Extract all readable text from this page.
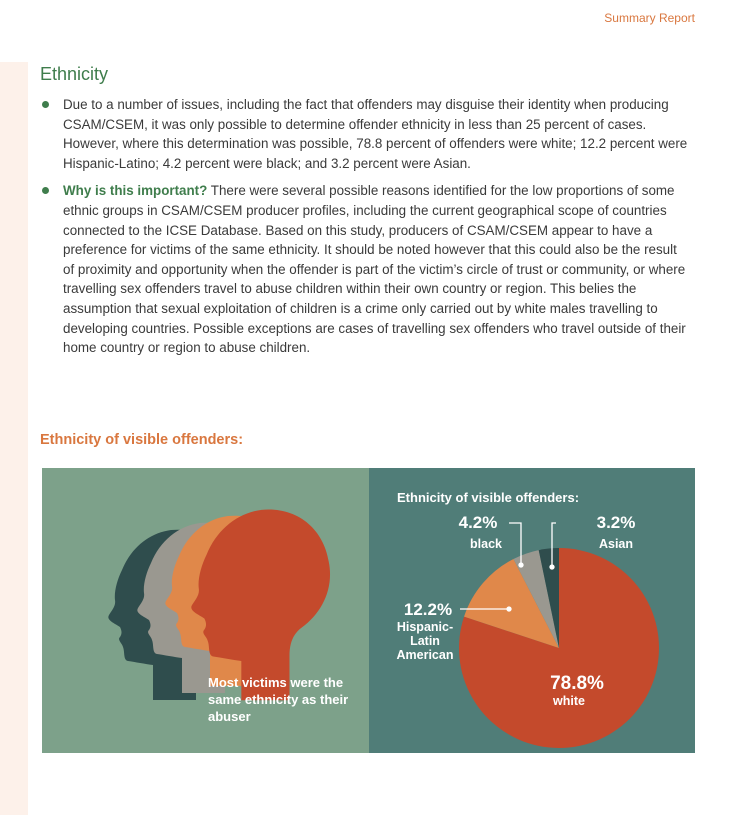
Summary Report
Ethnicity
Due to a number of issues, including the fact that offenders may disguise their identity when producing CSAM/CSEM, it was only possible to determine offender ethnicity in less than 25 percent of cases. However, where this determination was possible, 78.8 percent of offenders were white; 12.2 percent were Hispanic-Latino; 4.2 percent were black; and 3.2 percent were Asian.
Why is this important? There were several possible reasons identified for the low proportions of some ethnic groups in CSAM/CSEM producer profiles, including the current geographical scope of countries connected to the ICSE Database. Based on this study, producers of CSAM/CSEM appear to have a preference for victims of the same ethnicity. It should be noted however that this could also be the result of proximity and opportunity when the offender is part of the victim’s circle of trust or community, or where travelling sex offenders travel to abuse children within their own country or region. This belies the assumption that sexual exploitation of children is a crime only carried out by white males travelling to developing countries. Possible exceptions are cases of travelling sex offenders who travel outside of their home country or region to abuse children.
Ethnicity of visible offenders:
Most victims were the same ethnicity as their abuser
Ethnicity of visible offenders:
4.2%
black
3.2%
Asian
12.2%
Hispanic-
Latin
American
78.8%
white
